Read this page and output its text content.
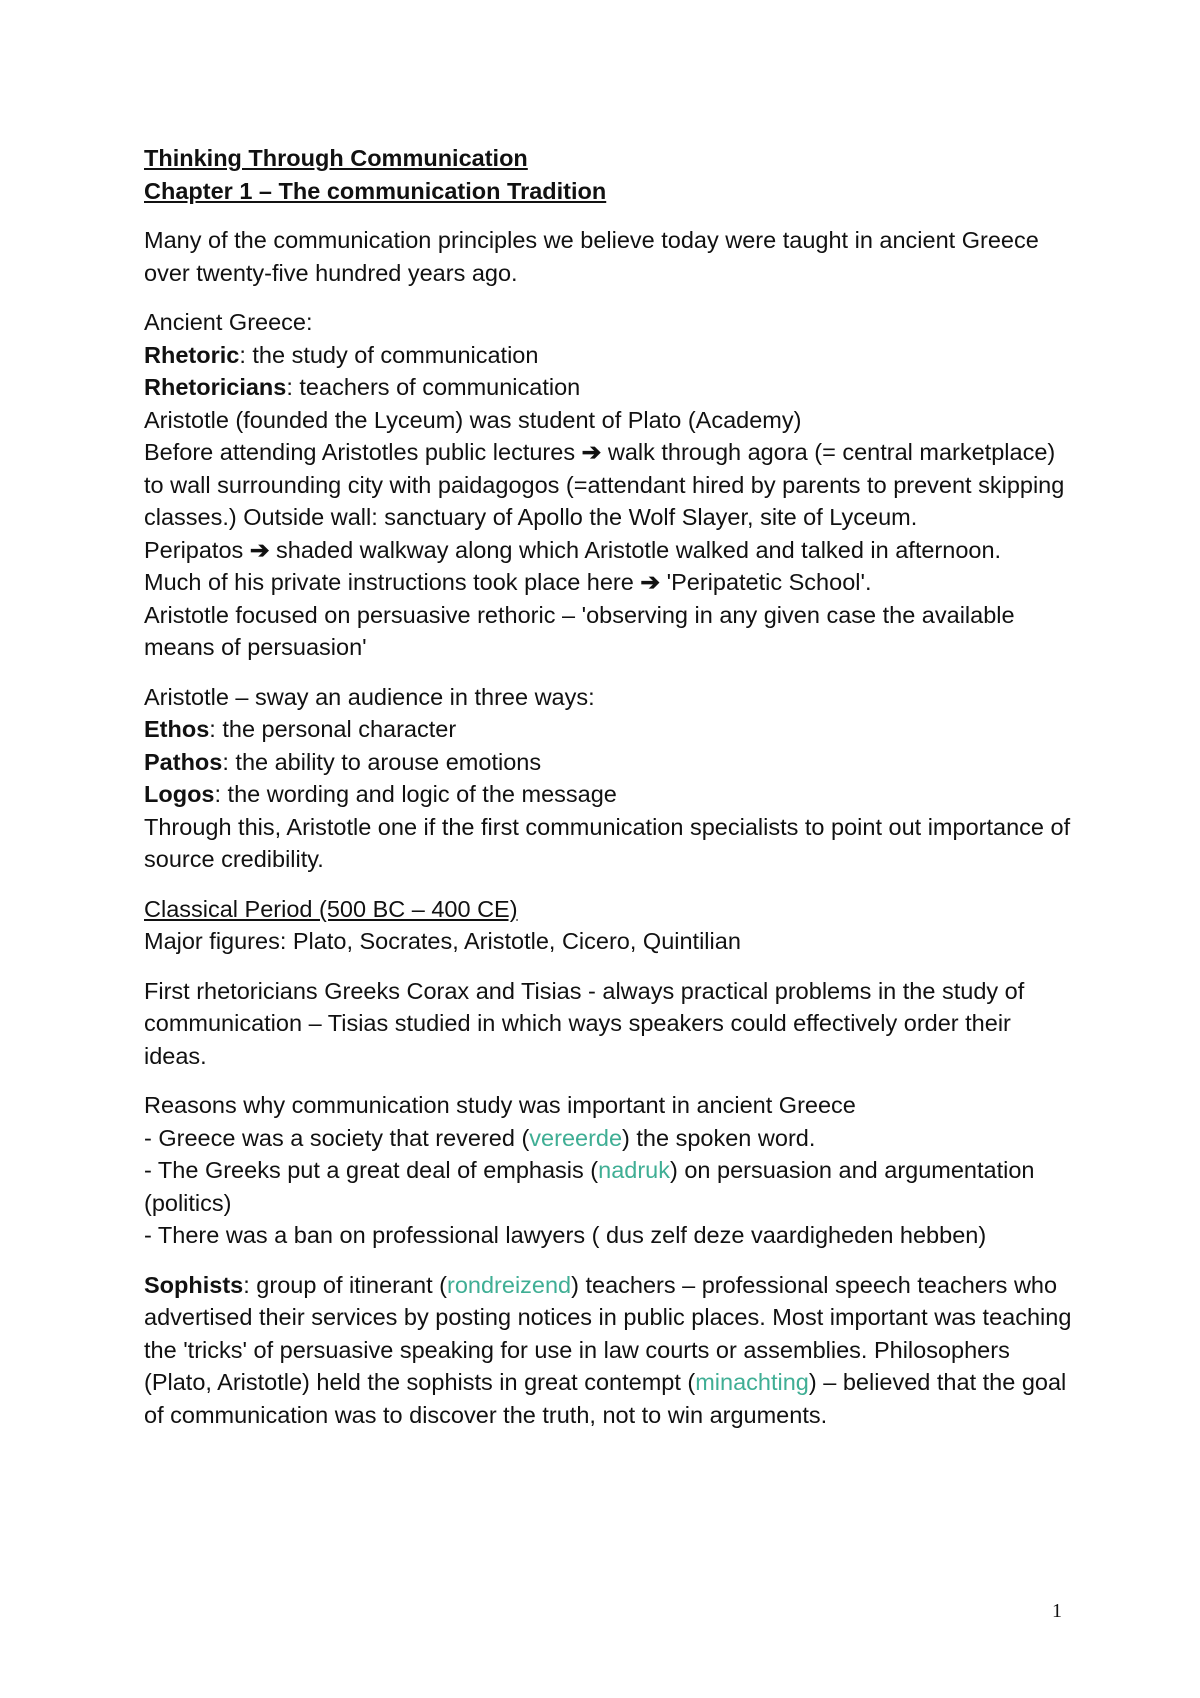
Thinking Through Communication
Chapter 1 – The communication Tradition
Many of the communication principles we believe today were taught in ancient Greece over twenty-five hundred years ago.
Ancient Greece:
Rhetoric: the study of communication
Rhetoricians: teachers of communication
Aristotle (founded the Lyceum) was student of Plato (Academy)
Before attending Aristotles public lectures ➔ walk through agora (= central marketplace) to wall surrounding city with paidagogos (=attendant hired by parents to prevent skipping classes.) Outside wall: sanctuary of Apollo the Wolf Slayer, site of Lyceum.
Peripatos ➔ shaded walkway along which Aristotle walked and talked in afternoon.
Much of his private instructions took place here ➔ 'Peripatetic School'.
Aristotle focused on persuasive rethoric – 'observing in any given case the available means of persuasion'
Aristotle – sway an audience in three ways:
Ethos: the personal character
Pathos: the ability to arouse emotions
Logos: the wording and logic of the message
Through this, Aristotle one if the first communication specialists to point out importance of source credibility.
Classical Period (500 BC – 400 CE)
Major figures: Plato, Socrates, Aristotle, Cicero, Quintilian
First rhetoricians Greeks Corax and Tisias - always practical problems in the study of communication – Tisias studied in which ways speakers could effectively order their ideas.
Reasons why communication study was important in ancient Greece
- Greece was a society that revered (vereerde) the spoken word.
- The Greeks put a great deal of emphasis (nadruk) on persuasion and argumentation (politics)
- There was a ban on professional lawyers ( dus zelf deze vaardigheden hebben)
Sophists: group of itinerant (rondreizend) teachers – professional speech teachers who advertised their services by posting notices in public places. Most important was teaching the 'tricks' of persuasive speaking for use in law courts or assemblies. Philosophers (Plato, Aristotle) held the sophists in great contempt (minachting) – believed that the goal of communication was to discover the truth, not to win arguments.
1
